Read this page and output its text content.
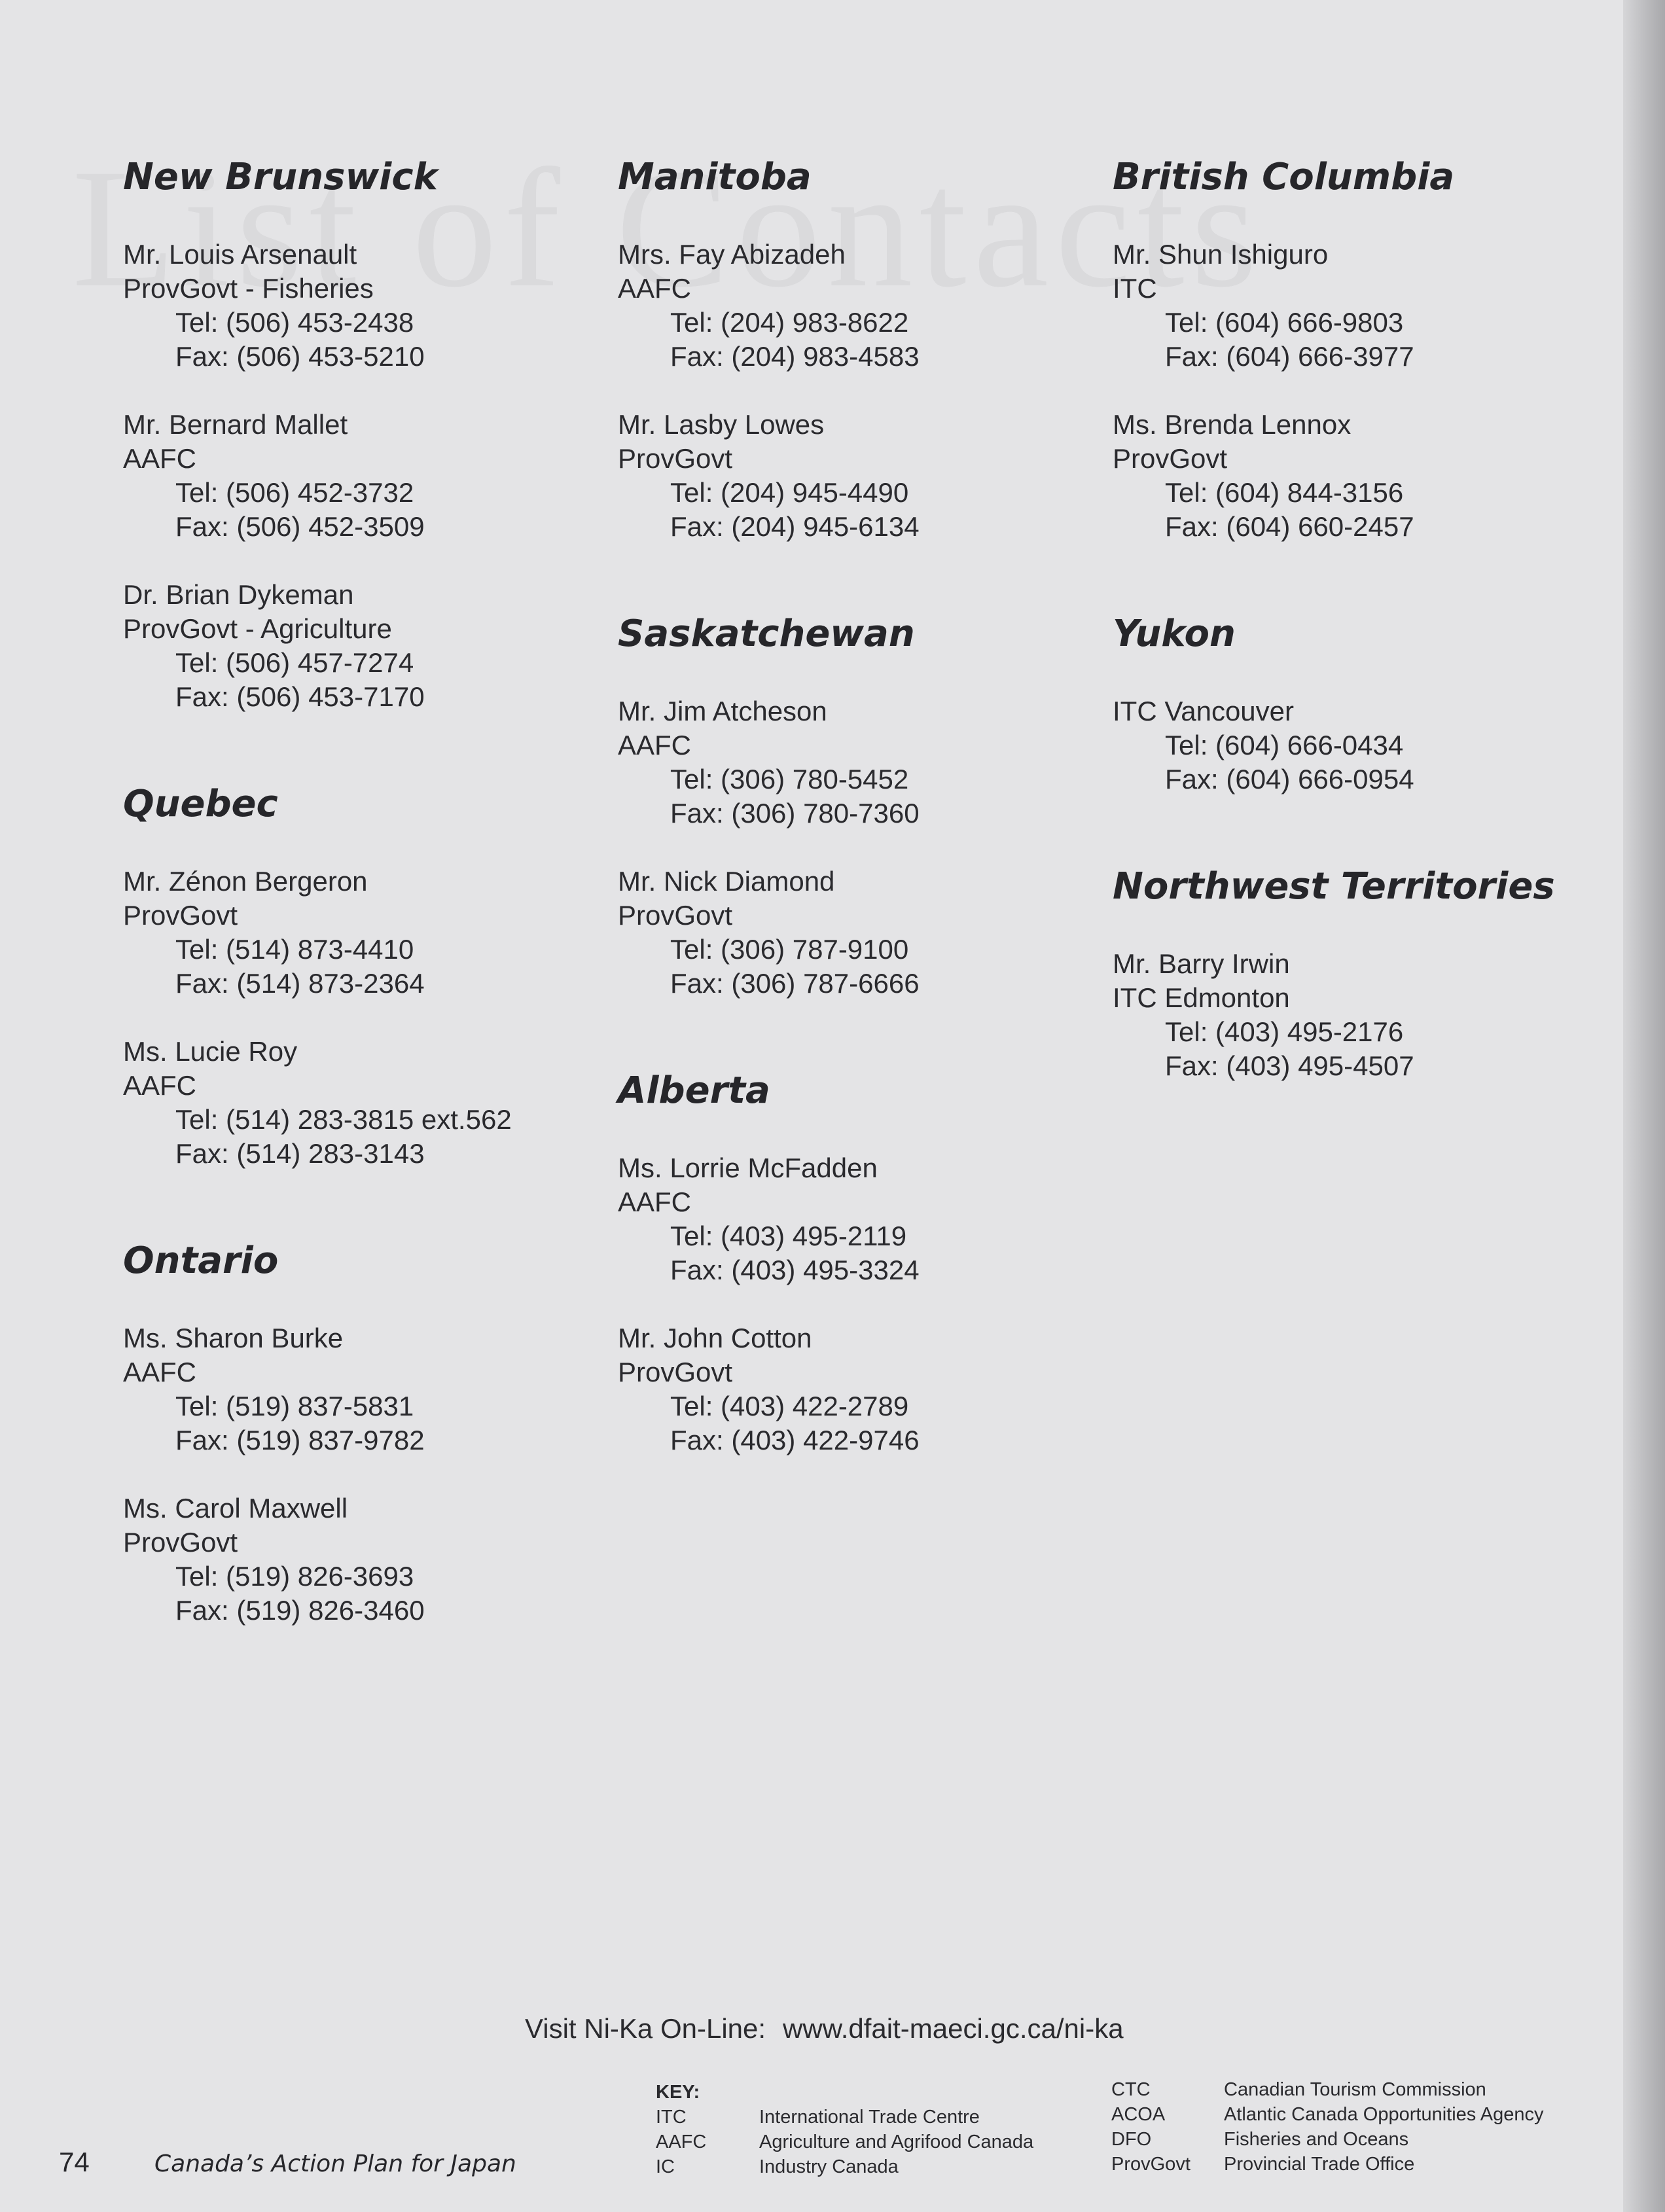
New Brunswick
Mr. Louis Arsenault
ProvGovt - Fisheries
Tel: (506) 453-2438
Fax: (506) 453-5210
Mr. Bernard Mallet
AAFC
Tel: (506) 452-3732
Fax: (506) 452-3509
Dr. Brian Dykeman
ProvGovt - Agriculture
Tel: (506) 457-7274
Fax: (506) 453-7170
Quebec
Mr. Zénon Bergeron
ProvGovt
Tel: (514) 873-4410
Fax: (514) 873-2364
Ms. Lucie Roy
AAFC
Tel: (514) 283-3815 ext.562
Fax: (514) 283-3143
Ontario
Ms. Sharon Burke
AAFC
Tel: (519) 837-5831
Fax: (519) 837-9782
Ms. Carol Maxwell
ProvGovt
Tel: (519) 826-3693
Fax: (519) 826-3460
Manitoba
Mrs. Fay Abizadeh
AAFC
Tel: (204) 983-8622
Fax: (204) 983-4583
Mr. Lasby Lowes
ProvGovt
Tel: (204) 945-4490
Fax: (204) 945-6134
Saskatchewan
Mr. Jim Atcheson
AAFC
Tel: (306) 780-5452
Fax: (306) 780-7360
Mr. Nick Diamond
ProvGovt
Tel: (306) 787-9100
Fax: (306) 787-6666
Alberta
Ms. Lorrie McFadden
AAFC
Tel: (403) 495-2119
Fax: (403) 495-3324
Mr. John Cotton
ProvGovt
Tel: (403) 422-2789
Fax: (403) 422-9746
British Columbia
Mr. Shun Ishiguro
ITC
Tel: (604) 666-9803
Fax: (604) 666-3977
Ms. Brenda Lennox
ProvGovt
Tel: (604) 844-3156
Fax: (604) 660-2457
Yukon
ITC Vancouver
Tel: (604) 666-0434
Fax: (604) 666-0954
Northwest Territories
Mr. Barry Irwin
ITC Edmonton
Tel: (403) 495-2176
Fax: (403) 495-4507
Visit Ni-Ka On-Line: www.dfait-maeci.gc.ca/ni-ka
KEY:
ITC
AAFC
IC
International Trade Centre
Agriculture and Agrifood Canada
Industry Canada
CTC
ACOA
DFO
ProvGovt
Canadian Tourism Commission
Atlantic Canada Opportunities Agency
Fisheries and Oceans
Provincial Trade Office
74	Canada’s Action Plan for Japan
